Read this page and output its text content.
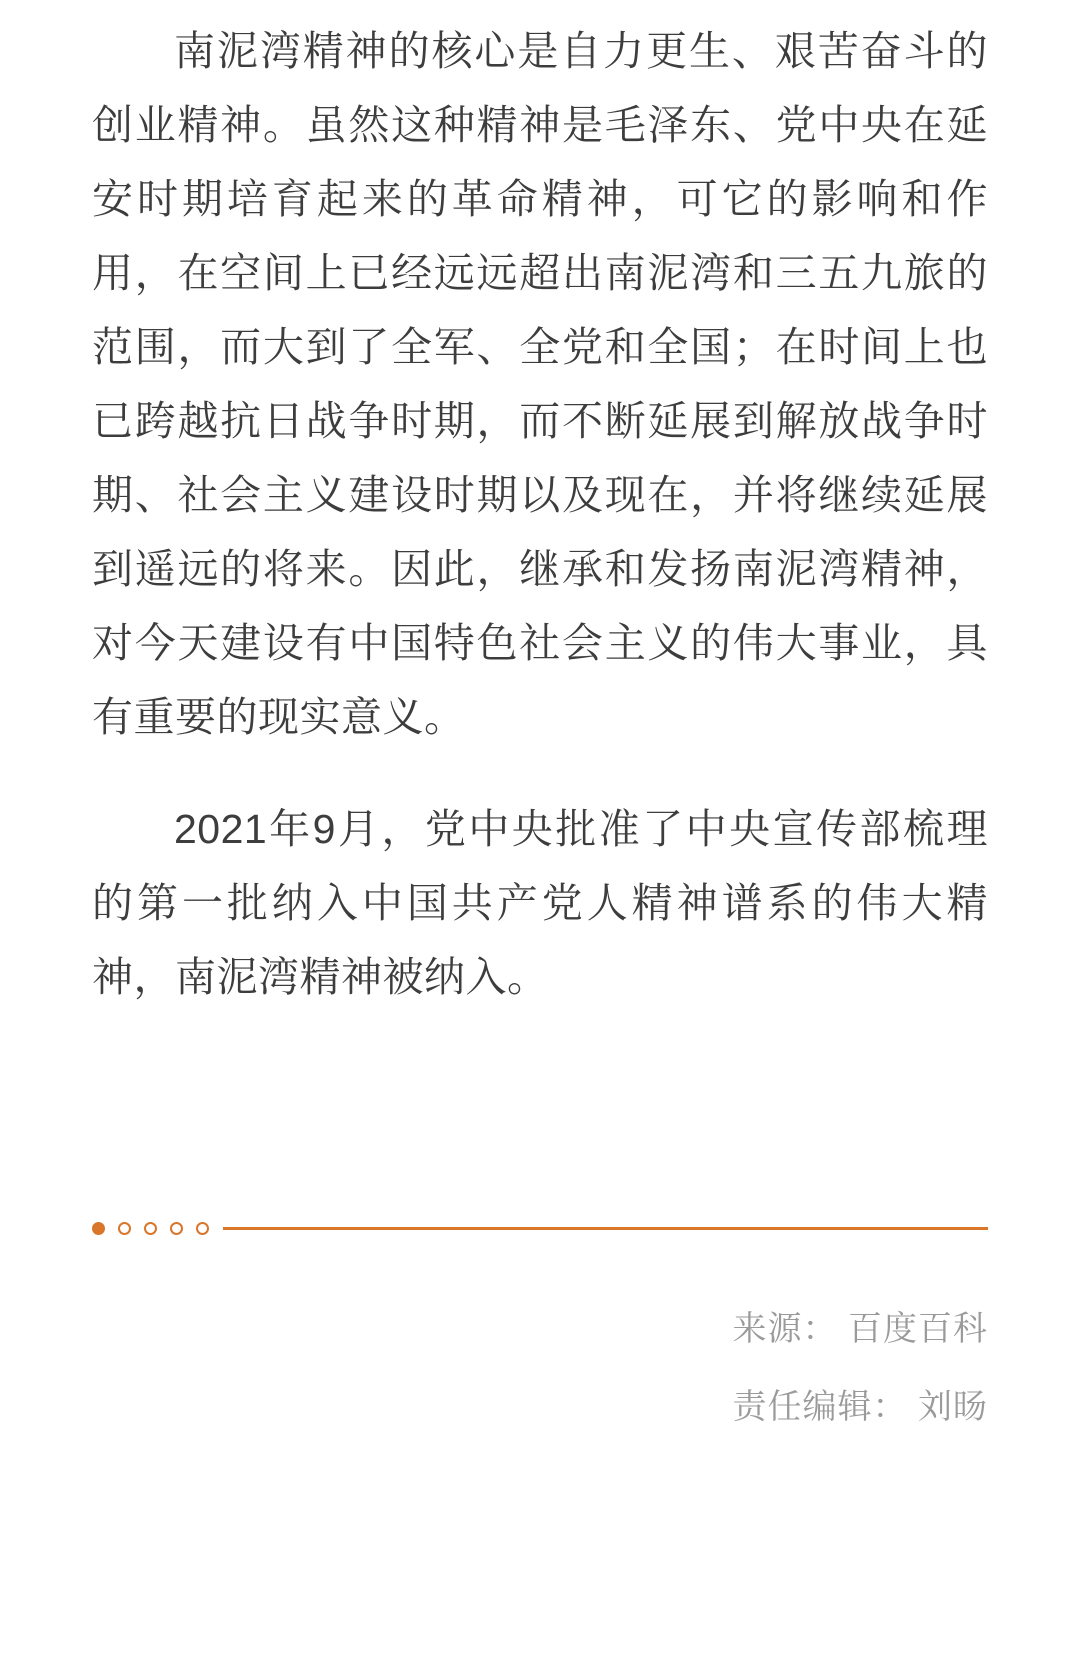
南泥湾精神的核心是自力更生、艰苦奋斗的创业精神。虽然这种精神是毛泽东、党中央在延安时期培育起来的革命精神，可它的影响和作用，在空间上已经远远超出南泥湾和三五九旅的范围，而大到了全军、全党和全国；在时间上也已跨越抗日战争时期，而不断延展到解放战争时期、社会主义建设时期以及现在，并将继续延展到遥远的将来。因此，继承和发扬南泥湾精神，对今天建设有中国特色社会主义的伟大事业，具有重要的现实意义。

2021年9月，党中央批准了中央宣传部梳理的第一批纳入中国共产党人精神谱系的伟大精神，南泥湾精神被纳入。

来源： 百度百科
责任编辑： 刘旸
